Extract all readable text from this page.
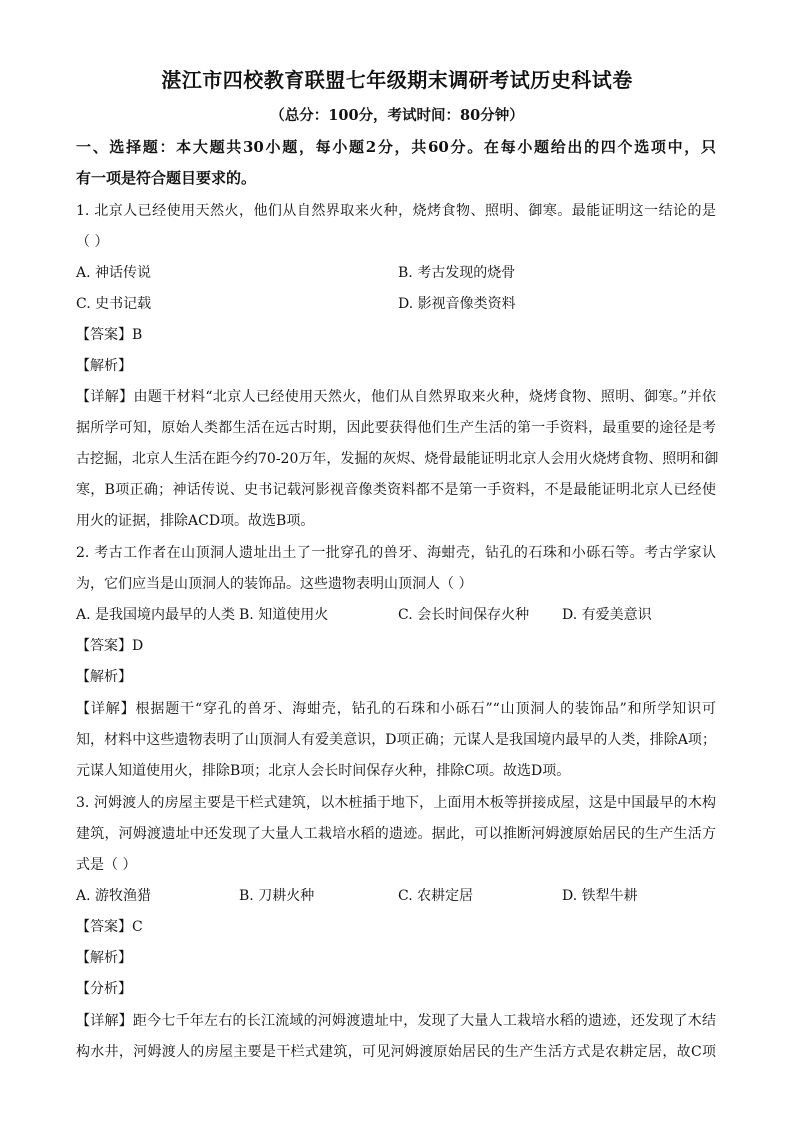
湛江市四校教育联盟七年级期末调研考试历史科试卷
（总分：100分，考试时间：80分钟）
一、选择题：本大题共30小题，每小题2分，共60分。在每小题给出的四个选项中，只
有一项是符合题目要求的。
1. 北京人已经使用天然火，他们从自然界取来火种，烧烤食物、照明、御寒。最能证明这一结论的是
（ ）
A. 神话传说	B. 考古发现的烧骨
C. 史书记载	D. 影视音像类资料
【答案】B
【解析】
【详解】由题干材料“北京人已经使用天然火，他们从自然界取来火种，烧烤食物、照明、御寒。”并依
据所学可知，原始人类都生活在远古时期，因此要获得他们生产生活的第一手资料，最重要的途径是考
古挖掘，北京人生活在距今约70-20万年，发掘的灰烬、烧骨最能证明北京人会用火烧烤食物、照明和御
寒，B项正确；神话传说、史书记载河影视音像类资料都不是第一手资料，不是最能证明北京人已经使
用火的证据，排除ACD项。故选B项。
2. 考古工作者在山顶洞人遗址出土了一批穿孔的兽牙、海蚶壳，钻孔的石珠和小砾石等。考古学家认
为，它们应当是山顶洞人的装饰品。这些遗物表明山顶洞人（ ）
A. 是我国境内最早的人类 B. 知道使用火	C. 会长时间保存火种 D. 有爱美意识
【答案】D
【解析】
【详解】根据题干“穿孔的兽牙、海蚶壳，钻孔的石珠和小砾石”“山顶洞人的装饰品”和所学知识可
知，材料中这些遗物表明了山顶洞人有爱美意识，D项正确；元谋人是我国境内最早的人类，排除A项；
元谋人知道使用火，排除B项；北京人会长时间保存火种，排除C项。故选D项。
3. 河姆渡人的房屋主要是干栏式建筑，以木桩插于地下，上面用木板等拼接成屋，这是中国最早的木构
建筑，河姆渡遗址中还发现了大量人工栽培水稻的遗迹。据此，可以推断河姆渡原始居民的生产生活方
式是（ ）
A. 游牧渔猎	B. 刀耕火种	C. 农耕定居	D. 铁犁牛耕
【答案】C
【解析】
【分析】
【详解】距今七千年左右的长江流域的河姆渡遗址中，发现了大量人工栽培水稻的遗迹，还发现了木结
构水井，河姆渡人的房屋主要是干栏式建筑，可见河姆渡原始居民的生产生活方式是农耕定居，故C项
